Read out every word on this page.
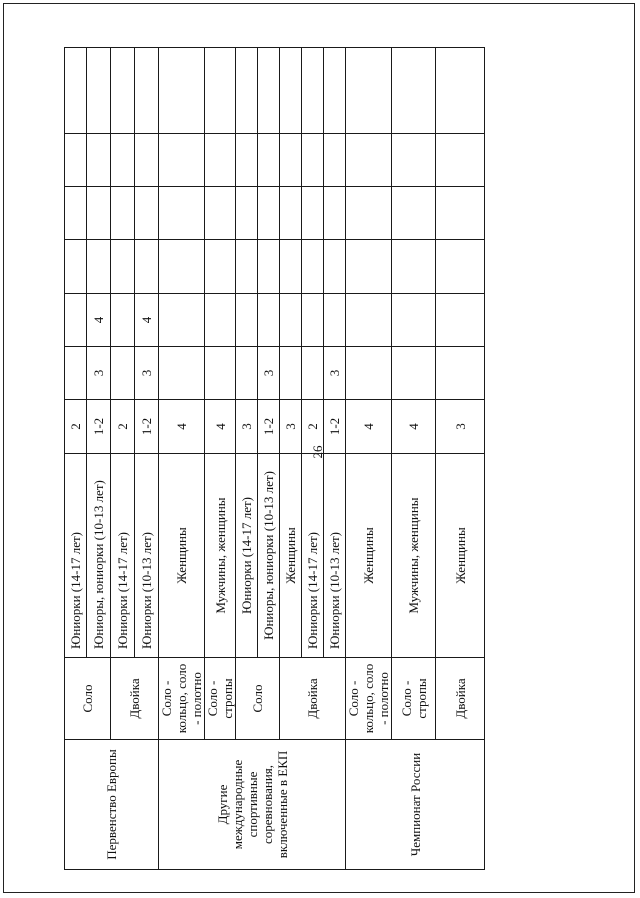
26
Первенство Европы	Соло	Юниорки (14-17 лет)	2						
		Юниоры, юниорки (10-13 лет)	1-2	3	4				
	Двойка	Юниорки (14-17 лет)	2						
		Юниорки (10-13 лет)	1-2	3	4				
Другие международные спортивные соревнования, включенные в ЕКП	Соло - кольцо, соло - полотно	Женщины	4						
	Соло - стропы	Мужчины, женщины	4						
	Соло	Юниорки (14-17 лет)	3						
		Юниоры, юниорки (10-13 лет)	1-2	3					
	Двойка	Женщины	3						
		Юниорки (14-17 лет)	2						
		Юниорки (10-13 лет)	1-2	3					
Чемпионат России	Соло - кольцо, соло - полотно	Женщины	4						
	Соло - стропы	Мужчины, женщины	4						
	Двойка	Женщины	3						
